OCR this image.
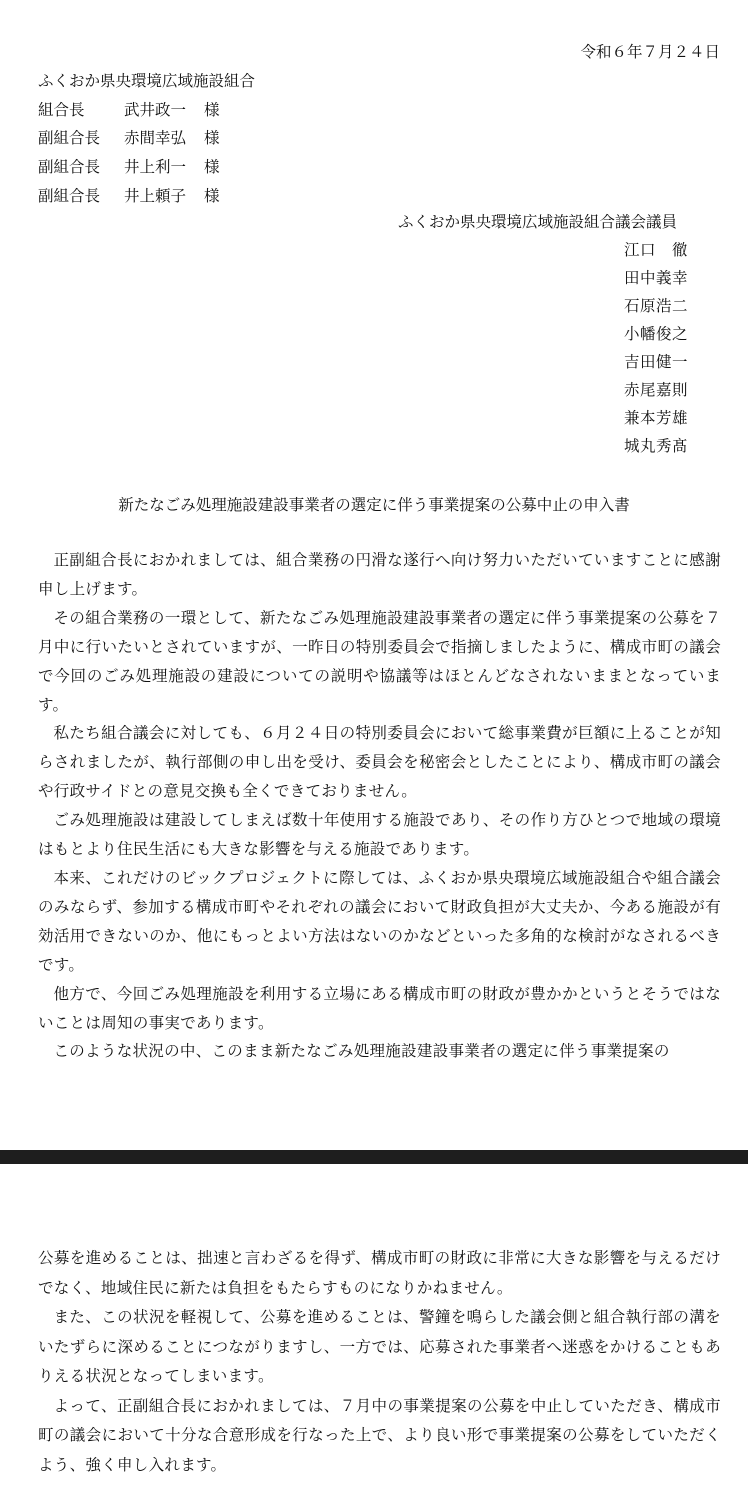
令和６年７月２４日
ふくおか県央環境広域施設組合
組合長	武井政一 様
副組合長 赤間幸弘 様
副組合長 井上利一 様
副組合長 井上頼子 様
ふくおか県央環境広域施設組合議会議員
江口　徹
田中義幸
石原浩二
小幡俊之
吉田健一
赤尾嘉則
兼本芳雄
城丸秀髙
新たなごみ処理施設建設事業者の選定に伴う事業提案の公募中止の申入書

正副組合長におかれましては、組合業務の円滑な遂行へ向け努力いただいていますことに感謝申し上げます。

その組合業務の一環として、新たなごみ処理施設建設事業者の選定に伴う事業提案の公募を７月中に行いたいとされていますが、一昨日の特別委員会で指摘しましたように、構成市町の議会で今回のごみ処理施設の建設についての説明や協議等はほとんどなされないままとなっています。

私たち組合議会に対しても、６月２４日の特別委員会において総事業費が巨額に上ることが知らされましたが、執行部側の申し出を受け、委員会を秘密会としたことにより、構成市町の議会や行政サイドとの意見交換も全くできておりません。

ごみ処理施設は建設してしまえば数十年使用する施設であり、その作り方ひとつで地域の環境はもとより住民生活にも大きな影響を与える施設であります。

本来、これだけのビックプロジェクトに際しては、ふくおか県央環境広域施設組合や組合議会のみならず、参加する構成市町やそれぞれの議会において財政負担が大丈夫か、今ある施設が有効活用できないのか、他にもっとよい方法はないのかなどといった多角的な検討がなされるべきです。

他方で、今回ごみ処理施設を利用する立場にある構成市町の財政が豊かかというとそうではないことは周知の事実であります。

このような状況の中、このまま新たなごみ処理施設建設事業者の選定に伴う事業提案の

公募を進めることは、拙速と言わざるを得ず、構成市町の財政に非常に大きな影響を与えるだけでなく、地域住民に新たは負担をもたらすものになりかねません。

また、この状況を軽視して、公募を進めることは、警鐘を鳴らした議会側と組合執行部の溝をいたずらに深めることにつながりますし、一方では、応募された事業者へ迷惑をかけることもありえる状況となってしまいます。

よって、正副組合長におかれましては、７月中の事業提案の公募を中止していただき、構成市町の議会において十分な合意形成を行なった上で、より良い形で事業提案の公募をしていただくよう、強く申し入れます。
